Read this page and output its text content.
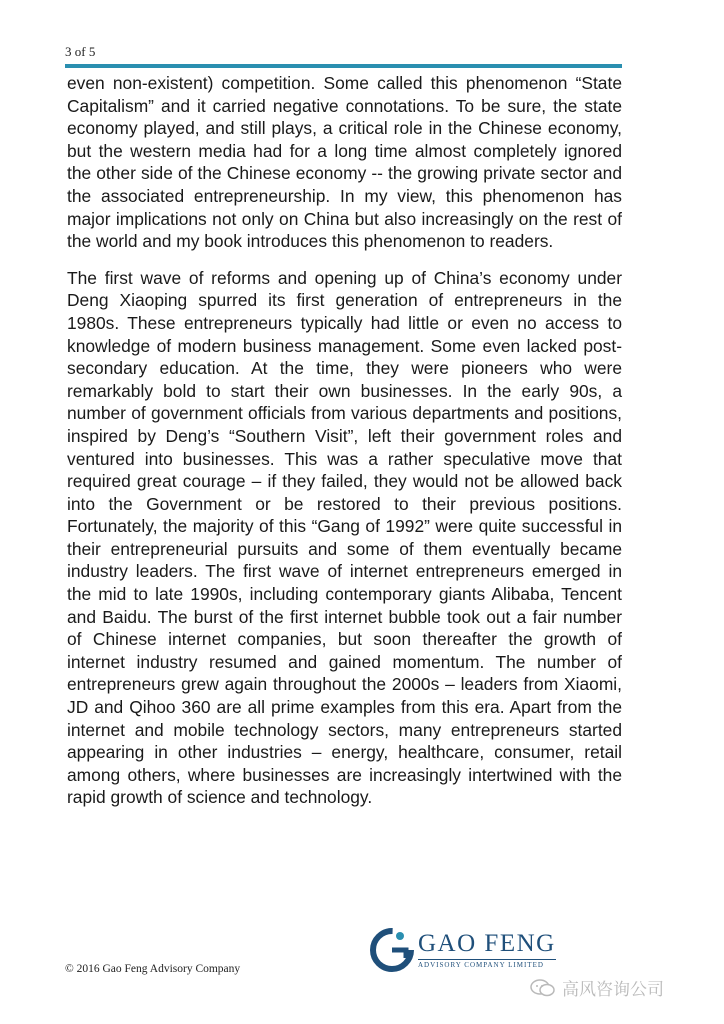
3 of 5

even non-existent) competition. Some called this phenomenon “State Capitalism” and it carried negative connotations. To be sure, the state economy played, and still plays, a critical role in the Chinese economy, but the western media had for a long time almost completely ignored the other side of the Chinese economy -- the growing private sector and the associated entrepreneurship. In my view, this phenomenon has major implications not only on China but also increasingly on the rest of the world and my book introduces this phenomenon to readers.

The first wave of reforms and opening up of China’s economy under Deng Xiaoping spurred its first generation of entrepreneurs in the 1980s. These entrepreneurs typically had little or even no access to knowledge of modern business management. Some even lacked post-secondary education. At the time, they were pioneers who were remarkably bold to start their own businesses. In the early 90s, a number of government officials from various departments and positions, inspired by Deng’s “Southern Visit”, left their government roles and ventured into businesses. This was a rather speculative move that required great courage – if they failed, they would not be allowed back into the Government or be restored to their previous positions. Fortunately, the majority of this “Gang of 1992” were quite successful in their entrepreneurial pursuits and some of them eventually became industry leaders. The first wave of internet entrepreneurs emerged in the mid to late 1990s, including contemporary giants Alibaba, Tencent and Baidu. The burst of the first internet bubble took out a fair number of Chinese internet companies, but soon thereafter the growth of internet industry resumed and gained momentum. The number of entrepreneurs grew again throughout the 2000s – leaders from Xiaomi, JD and Qihoo 360 are all prime examples from this era. Apart from the internet and mobile technology sectors, many entrepreneurs started appearing in other industries – energy, healthcare, consumer, retail among others, where businesses are increasingly intertwined with the rapid growth of science and technology.

© 2016 Gao Feng Advisory Company
GAO FENG
ADVISORY COMPANY LIMITED
高风咨询公司
